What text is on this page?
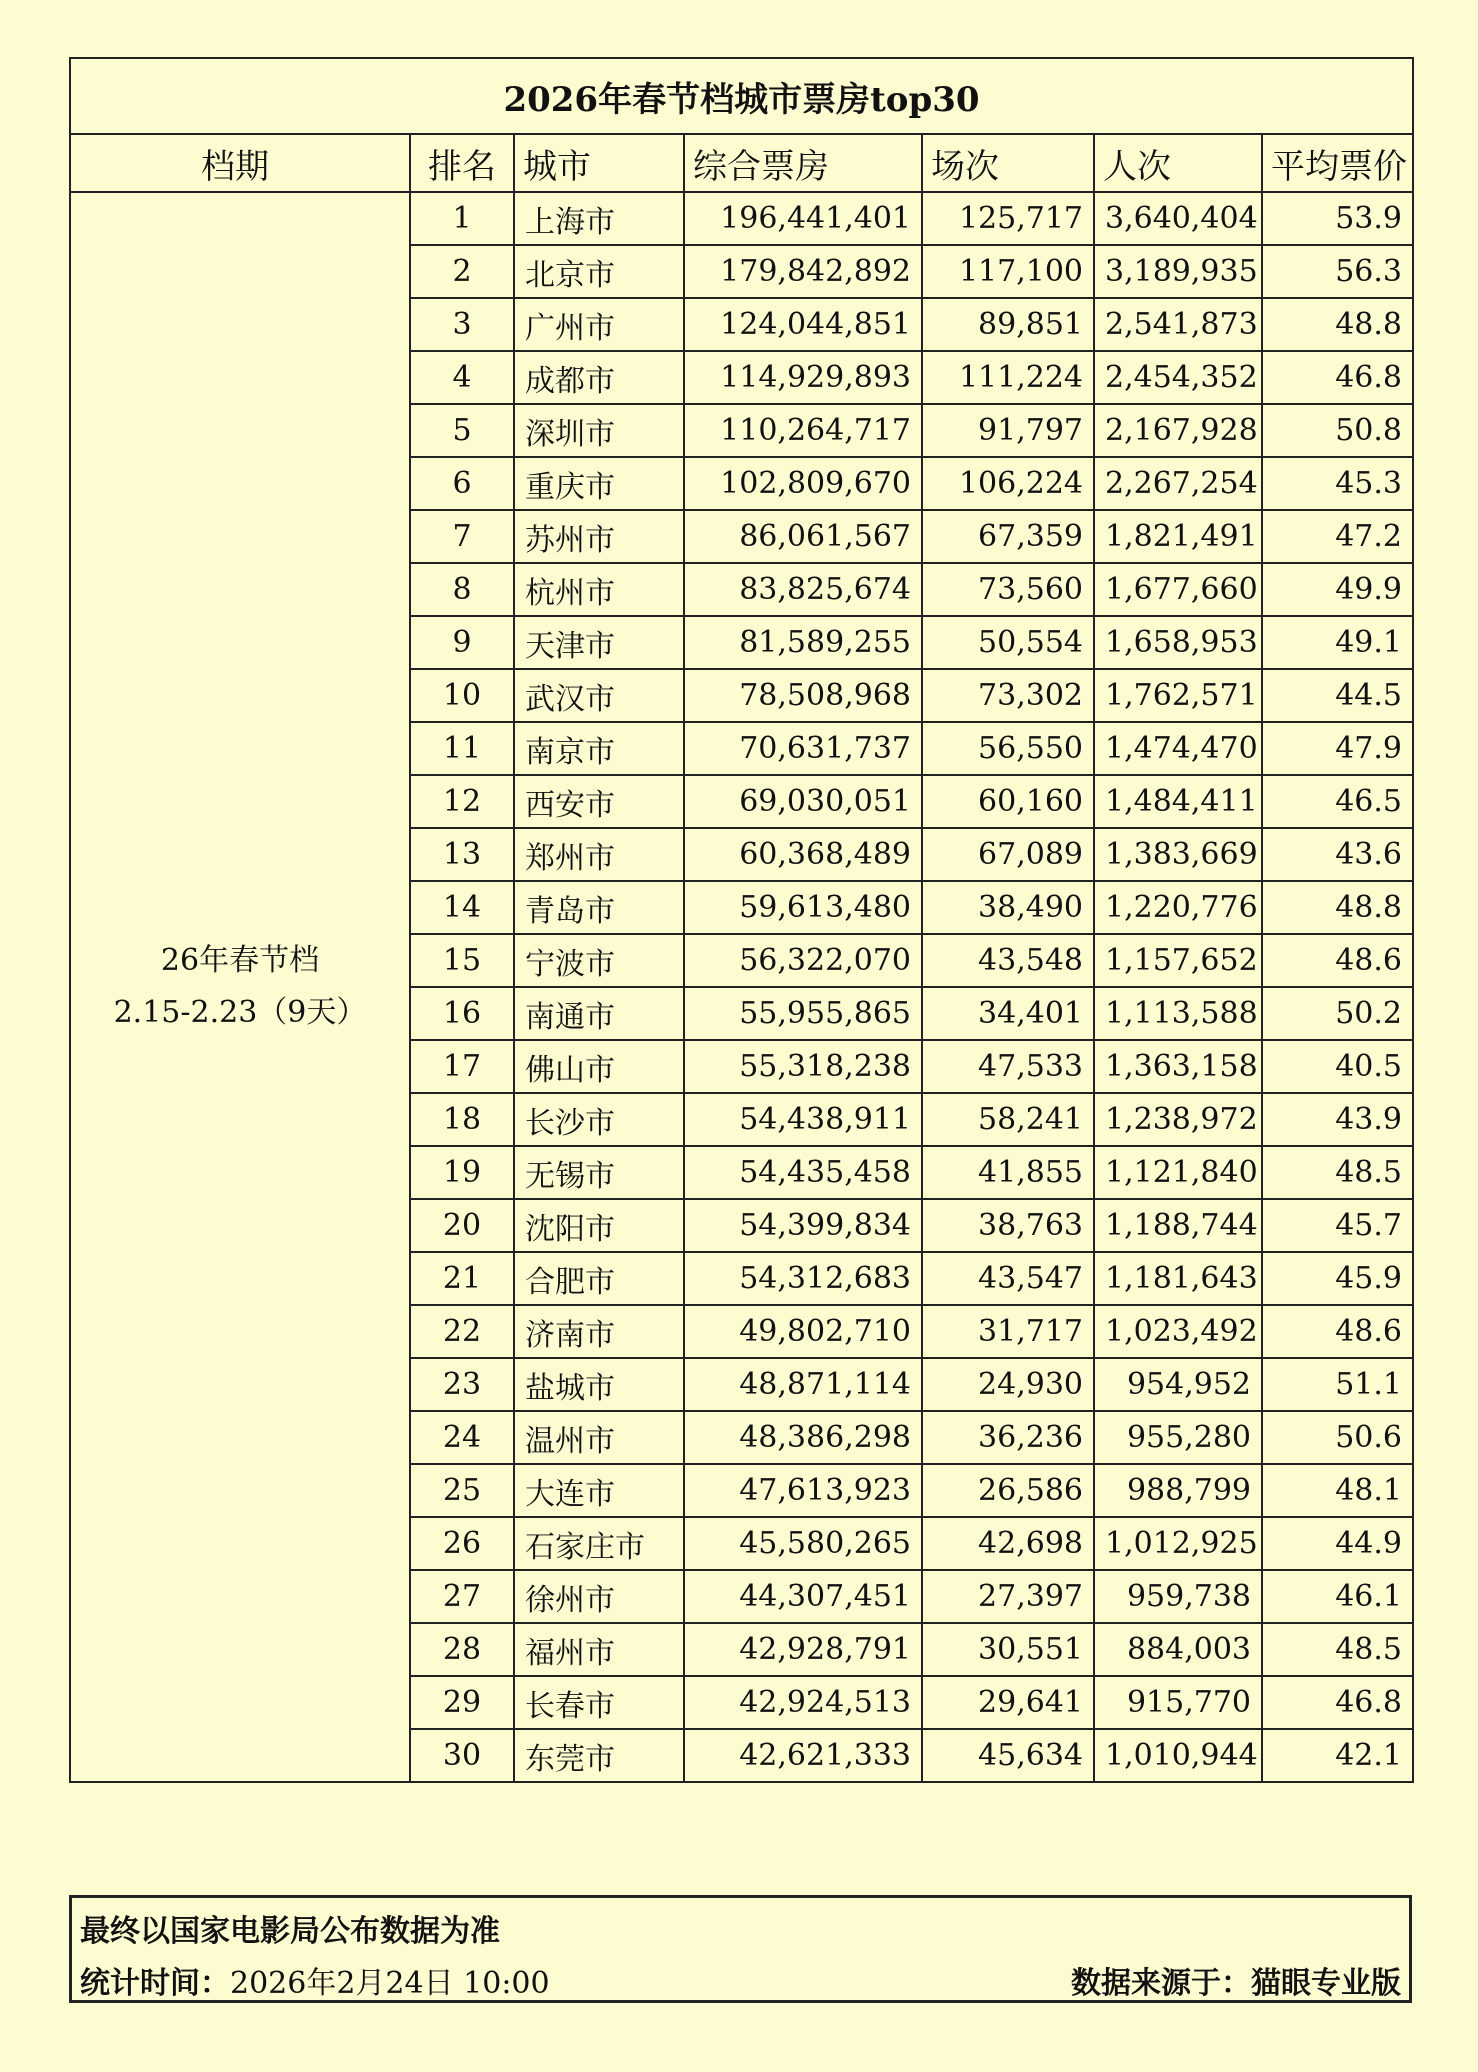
2026年春节档城市票房top30						
档期	排名	城市	综合票房	场次	人次	平均票价

26年春节档
2.15-2.23（9天）	1	上海市	196,441,401	125,717	3,640,404	53.9
	2	北京市	179,842,892	117,100	3,189,935	56.3
	3	广州市	124,044,851	89,851	2,541,873	48.8
	4	成都市	114,929,893	111,224	2,454,352	46.8
	5	深圳市	110,264,717	91,797	2,167,928	50.8
	6	重庆市	102,809,670	106,224	2,267,254	45.3
	7	苏州市	86,061,567	67,359	1,821,491	47.2
	8	杭州市	83,825,674	73,560	1,677,660	49.9
	9	天津市	81,589,255	50,554	1,658,953	49.1
	10	武汉市	78,508,968	73,302	1,762,571	44.5
	11	南京市	70,631,737	56,550	1,474,470	47.9
	12	西安市	69,030,051	60,160	1,484,411	46.5
	13	郑州市	60,368,489	67,089	1,383,669	43.6
	14	青岛市	59,613,480	38,490	1,220,776	48.8
	15	宁波市	56,322,070	43,548	1,157,652	48.6
	16	南通市	55,955,865	34,401	1,113,588	50.2
	17	佛山市	55,318,238	47,533	1,363,158	40.5
	18	长沙市	54,438,911	58,241	1,238,972	43.9
	19	无锡市	54,435,458	41,855	1,121,840	48.5
	20	沈阳市	54,399,834	38,763	1,188,744	45.7
	21	合肥市	54,312,683	43,547	1,181,643	45.9
	22	济南市	49,802,710	31,717	1,023,492	48.6
	23	盐城市	48,871,114	24,930	954,952	51.1
	24	温州市	48,386,298	36,236	955,280	50.6
	25	大连市	47,613,923	26,586	988,799	48.1
	26	石家庄市	45,580,265	42,698	1,012,925	44.9
	27	徐州市	44,307,451	27,397	959,738	46.1
	28	福州市	42,928,791	30,551	884,003	48.5
	29	长春市	42,924,513	29,641	915,770	46.8
	30	东莞市	42,621,333	45,634	1,010,944	42.1
最终以国家电影局公布数据为准
统计时间：2026年2月24日 10:00	数据来源于：猫眼专业版
